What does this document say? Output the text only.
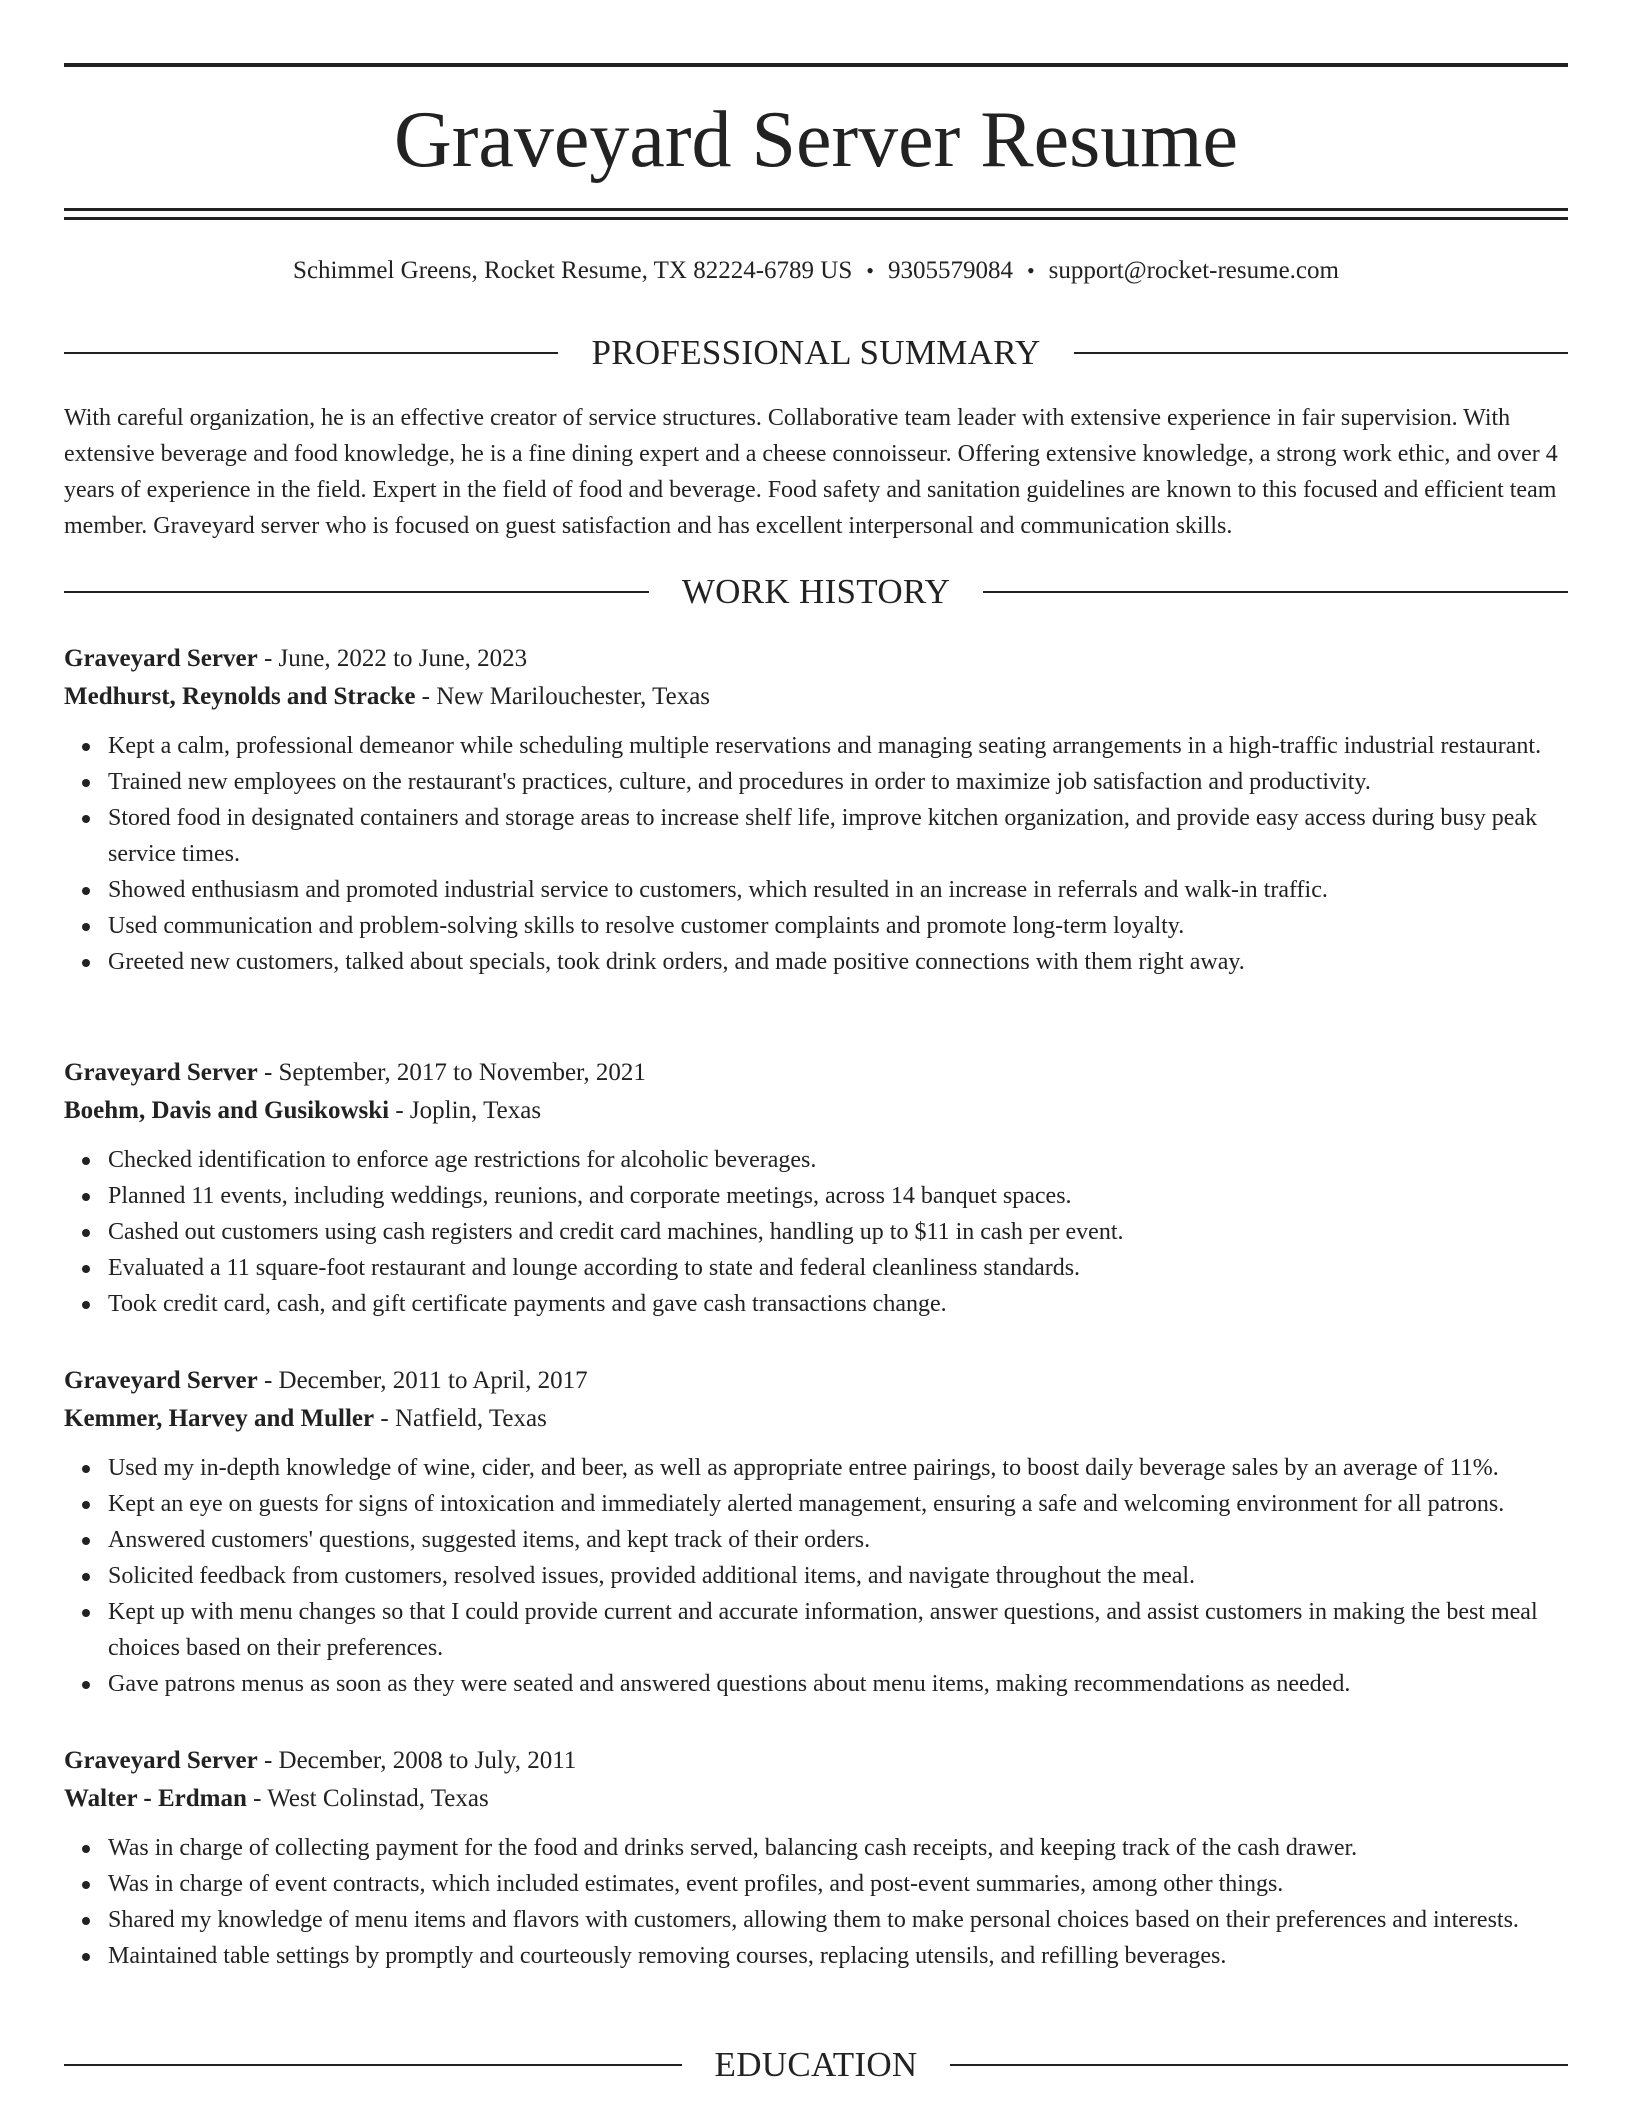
Graveyard Server Resume
Schimmel Greens, Rocket Resume, TX 82224-6789 US • 9305579084 • support@rocket-resume.com
PROFESSIONAL SUMMARY

With careful organization, he is an effective creator of service structures. Collaborative team leader with extensive experience in fair supervision. With extensive beverage and food knowledge, he is a fine dining expert and a cheese connoisseur. Offering extensive knowledge, a strong work ethic, and over 4 years of experience in the field. Expert in the field of food and beverage. Food safety and sanitation guidelines are known to this focused and efficient team member. Graveyard server who is focused on guest satisfaction and has excellent interpersonal and communication skills.

WORK HISTORY
Graveyard Server - June, 2022 to June, 2023
Medhurst, Reynolds and Stracke - New Marilouchester, Texas
Kept a calm, professional demeanor while scheduling multiple reservations and managing seating arrangements in a high-traffic industrial restaurant.
Trained new employees on the restaurant's practices, culture, and procedures in order to maximize job satisfaction and productivity.
Stored food in designated containers and storage areas to increase shelf life, improve kitchen organization, and provide easy access during busy peak service times.
Showed enthusiasm and promoted industrial service to customers, which resulted in an increase in referrals and walk-in traffic.
Used communication and problem-solving skills to resolve customer complaints and promote long-term loyalty.
Greeted new customers, talked about specials, took drink orders, and made positive connections with them right away.
Graveyard Server - September, 2017 to November, 2021
Boehm, Davis and Gusikowski - Joplin, Texas
Checked identification to enforce age restrictions for alcoholic beverages.
Planned 11 events, including weddings, reunions, and corporate meetings, across 14 banquet spaces.
Cashed out customers using cash registers and credit card machines, handling up to $11 in cash per event.
Evaluated a 11 square-foot restaurant and lounge according to state and federal cleanliness standards.
Took credit card, cash, and gift certificate payments and gave cash transactions change.
Graveyard Server - December, 2011 to April, 2017
Kemmer, Harvey and Muller - Natfield, Texas
Used my in-depth knowledge of wine, cider, and beer, as well as appropriate entree pairings, to boost daily beverage sales by an average of 11%.
Kept an eye on guests for signs of intoxication and immediately alerted management, ensuring a safe and welcoming environment for all patrons.
Answered customers' questions, suggested items, and kept track of their orders.
Solicited feedback from customers, resolved issues, provided additional items, and navigate throughout the meal.
Kept up with menu changes so that I could provide current and accurate information, answer questions, and assist customers in making the best meal choices based on their preferences.
Gave patrons menus as soon as they were seated and answered questions about menu items, making recommendations as needed.
Graveyard Server - December, 2008 to July, 2011
Walter - Erdman - West Colinstad, Texas
Was in charge of collecting payment for the food and drinks served, balancing cash receipts, and keeping track of the cash drawer.
Was in charge of event contracts, which included estimates, event profiles, and post-event summaries, among other things.
Shared my knowledge of menu items and flavors with customers, allowing them to make personal choices based on their preferences and interests.
Maintained table settings by promptly and courteously removing courses, replacing utensils, and refilling beverages.
EDUCATION
